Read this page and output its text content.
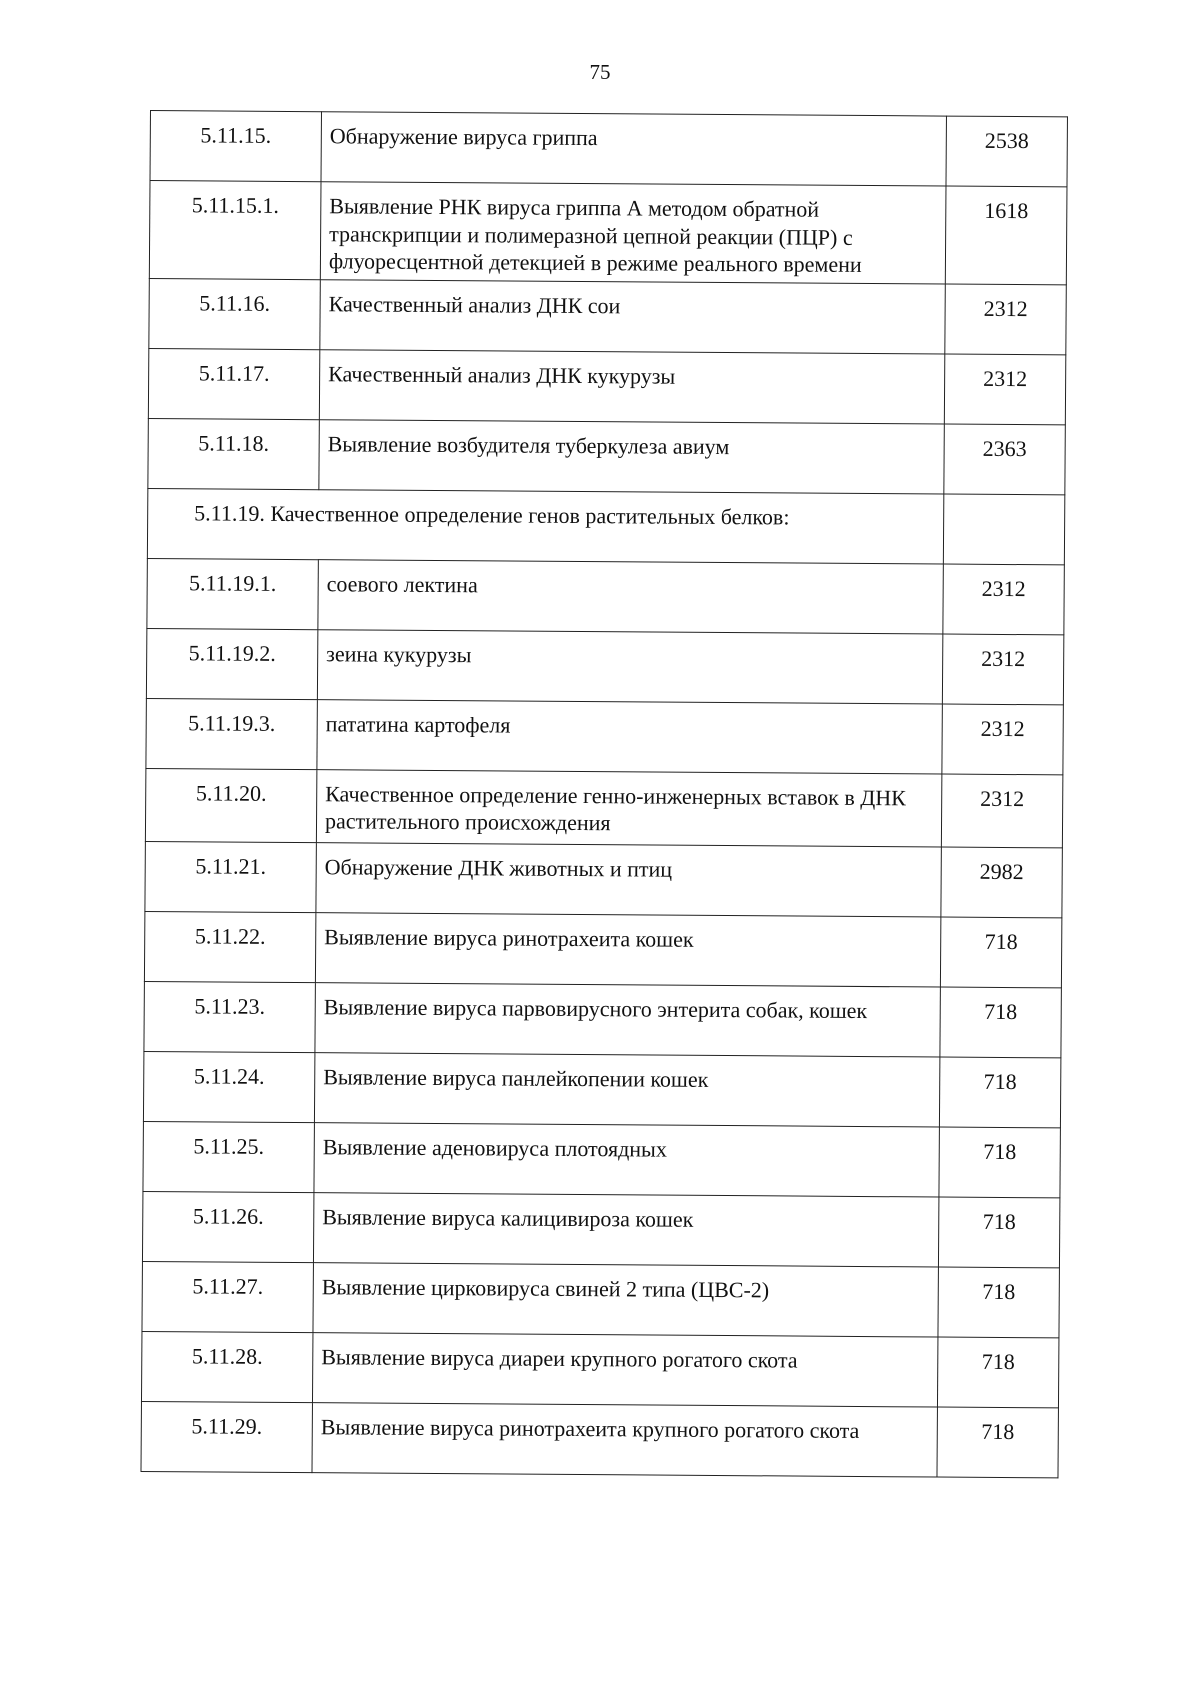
75
5.11.15.	Обнаружение вируса гриппа	2538
5.11.15.1.	Выявление РНК вируса гриппа А методом обратной транскрипции и полимеразной цепной реакции (ПЦР) с флуоресцентной детекцией в режиме реального времени	1618
5.11.16.	Качественный анализ ДНК сои	2312
5.11.17.	Качественный анализ ДНК кукурузы	2312
5.11.18.	Выявление возбудителя туберкулеза авиум	2363
5.11.19. Качественное определение генов растительных белков:		
5.11.19.1.	соевого лектина	2312
5.11.19.2.	зеина кукурузы	2312
5.11.19.3.	пататина картофеля	2312
5.11.20.	Качественное определение генно-инженерных вставок в ДНК растительного происхождения	2312
5.11.21.	Обнаружение ДНК животных и птиц	2982
5.11.22.	Выявление вируса ринотрахеита кошек	718
5.11.23.	Выявление вируса парвовирусного энтерита собак, кошек	718
5.11.24.	Выявление вируса панлейкопении кошек	718
5.11.25.	Выявление аденовируса плотоядных	718
5.11.26.	Выявление вируса калицивироза кошек	718
5.11.27.	Выявление цирковируса свиней 2 типа (ЦВС-2)	718
5.11.28.	Выявление вируса диареи крупного рогатого скота	718
5.11.29.	Выявление вируса ринотрахеита крупного рогатого скота	718
